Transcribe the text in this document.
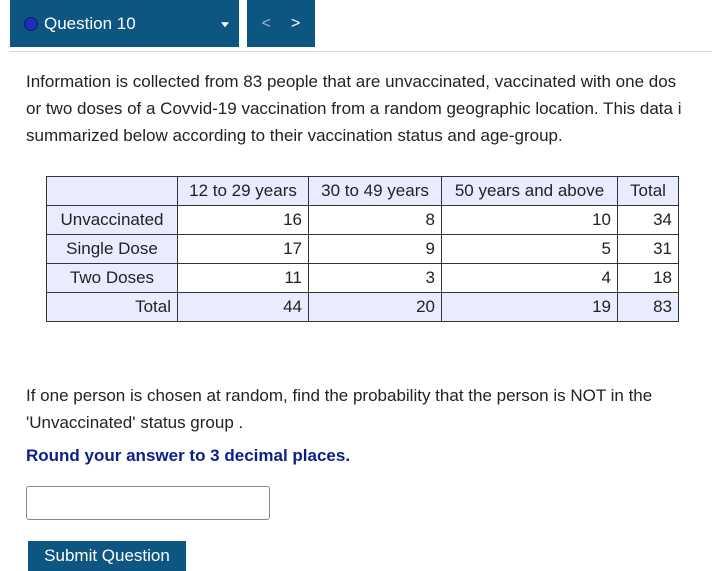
Question 10	< >
Information is collected from 83 people that are unvaccinated, vaccinated with one dos
or two doses of a Covvid-19 vaccination from a random geographic location. This data i
summarized below according to their vaccination status and age-group.
	12 to 29 years	30 to 49 years	50 years and above	Total
Unvaccinated	16	8	10	34
Single Dose	17	9	5	31
Two Doses	11	3	4	18
Total	44	20	19	83
If one person is chosen at random, find the probability that the person is NOT in the
'Unvaccinated' status group .
Round your answer to 3 decimal places.
Submit Question
